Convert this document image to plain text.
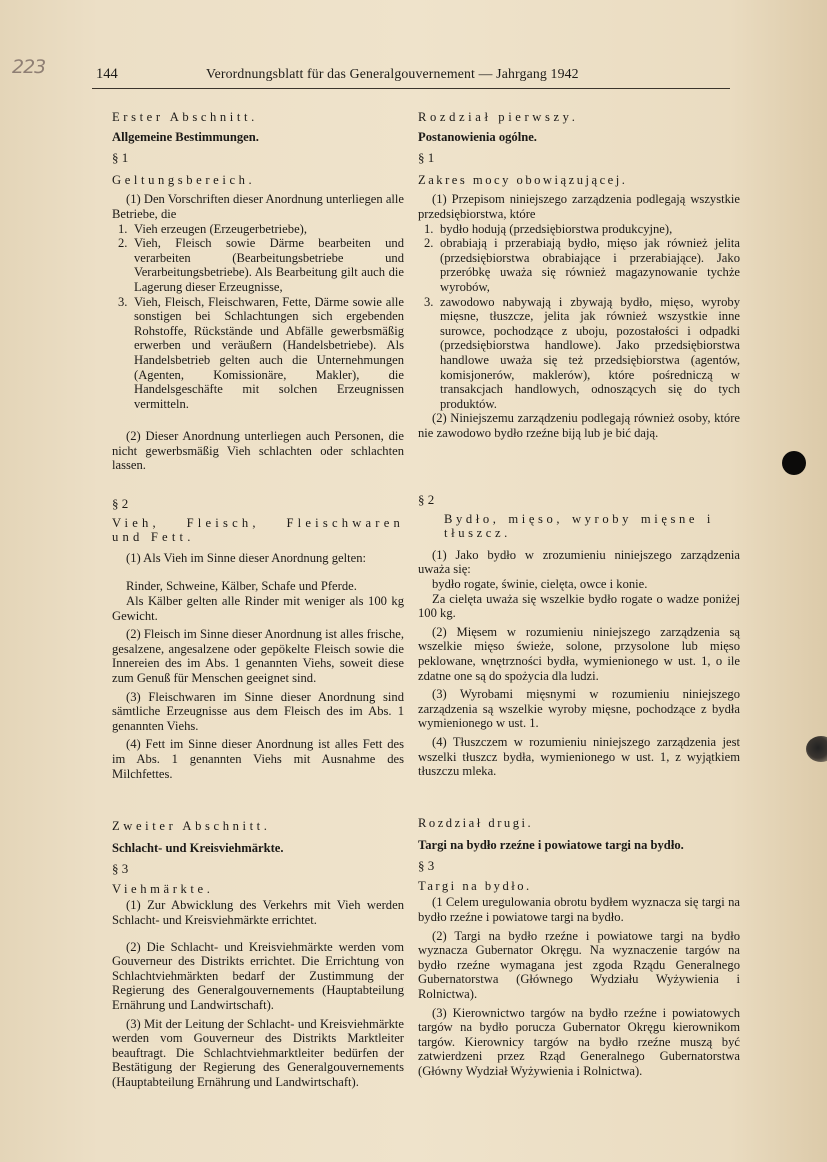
223	144	Verordnungsblatt für das Generalgouvernement — Jahrgang 1942

Erster Abschnitt.

Allgemeine Bestimmungen.

§ 1

Geltungsbereich.

(1) Den Vorschriften dieser Anordnung unterliegen alle Betriebe, die

1. Vieh erzeugen (Erzeugerbetriebe),
2. Vieh, Fleisch sowie Därme bearbeiten und verarbeiten (Bearbeitungsbetriebe und Verarbeitungsbetriebe). Als Bearbeitung gilt auch die Lagerung dieser Erzeugnisse,
3. Vieh, Fleisch, Fleischwaren, Fette, Därme sowie alle sonstigen bei Schlachtungen sich ergebenden Rohstoffe, Rückstände und Abfälle gewerbsmäßig erwerben und veräußern (Handelsbetriebe). Als Handelsbetrieb gelten auch die Unternehmungen (Agenten, Komissionäre, Makler), die Handelsgeschäfte mit solchen Erzeugnissen vermitteln.

(2) Dieser Anordnung unterliegen auch Personen, die nicht gewerbsmäßig Vieh schlachten oder schlachten lassen.

§ 2

Vieh, Fleisch, Fleischwaren und Fett.

(1) Als Vieh im Sinne dieser Anordnung gelten:

Rinder, Schweine, Kälber, Schafe und Pferde.

Als Kälber gelten alle Rinder mit weniger als 100 kg Gewicht.

(2) Fleisch im Sinne dieser Anordnung ist alles frische, gesalzene, angesalzene oder gepökelte Fleisch sowie die Innereien des im Abs. 1 genannten Viehs, soweit diese zum Genuß für Menschen geeignet sind.

(3) Fleischwaren im Sinne dieser Anordnung sind sämtliche Erzeugnisse aus dem Fleisch des im Abs. 1 genannten Viehs.

(4) Fett im Sinne dieser Anordnung ist alles Fett des im Abs. 1 genannten Viehs mit Ausnahme des Milchfettes.

Zweiter Abschnitt.

Schlacht- und Kreisviehmärkte.

§ 3

Viehmärkte.

(1) Zur Abwicklung des Verkehrs mit Vieh werden Schlacht- und Kreisviehmärkte errichtet.

(2) Die Schlacht- und Kreisviehmärkte werden vom Gouverneur des Distrikts errichtet. Die Errichtung von Schlachtviehmärkten bedarf der Zustimmung der Regierung des Generalgouvernements (Hauptabteilung Ernährung und Landwirtschaft).

(3) Mit der Leitung der Schlacht- und Kreisviehmärkte werden vom Gouverneur des Distrikts Marktleiter beauftragt. Die Schlachtviehmarktleiter bedürfen der Bestätigung der Regierung des Generalgouvernements (Hauptabteilung Ernährung und Landwirtschaft).

Rozdział pierwszy.

Postanowienia ogólne.

§ 1

Zakres mocy obowiązującej.

(1) Przepisom niniejszego zarządzenia podlegają wszystkie przedsiębiorstwa, które

1. bydło hodują (przedsiębiorstwa produkcyjne),
2. obrabiają i przerabiają bydło, mięso jak również jelita (przedsiębiorstwa obrabiające i przerabiające). Jako przeróbkę uważa się również magazynowanie tychże wyrobów,
3. zawodowo nabywają i zbywają bydło, mięso, wyroby mięsne, tłuszcze, jelita jak również wszystkie inne surowce, pochodzące z uboju, pozostałości i odpadki (przedsiębiorstwa handlowe). Jako przedsiębiorstwa handlowe uważa się też przedsiębiorstwa (agentów, komisjonerów, maklerów), które pośredniczą w transakcjach handlowych, odnoszących się do tych produktów.

(2) Niniejszemu zarządzeniu podlegają również osoby, które nie zawodowo bydło rzeźne biją lub je bić dają.

§ 2

Bydło, mięso, wyroby mięsne i tłuszcz.

(1) Jako bydło w zrozumieniu niniejszego zarządzenia uważa się:

bydło rogate, świnie, cielęta, owce i konie.

Za cielęta uważa się wszelkie bydło rogate o wadze poniżej 100 kg.

(2) Mięsem w rozumieniu niniejszego zarządzenia są wszelkie mięso świeże, solone, przysolone lub mięso peklowane, wnętrzności bydła, wymienionego w ust. 1, o ile zdatne one są do spożycia dla ludzi.

(3) Wyrobami mięsnymi w rozumieniu niniejszego zarządzenia są wszelkie wyroby mięsne, pochodzące z bydła wymienionego w ust. 1.

(4) Tłuszczem w rozumieniu niniejszego zarządzenia jest wszelki tłuszcz bydła, wymienionego w ust. 1, z wyjątkiem tłuszczu mleka.

Rozdział drugi.

Targi na bydło rzeźne i powiatowe targi na bydło.

§ 3

Targi na bydło.

(1 Celem uregulowania obrotu bydłem wyznacza się targi na bydło rzeźne i powiatowe targi na bydło.

(2) Targi na bydło rzeźne i powiatowe targi na bydło wyznacza Gubernator Okręgu. Na wyznaczenie targów na bydło rzeźne wymagana jest zgoda Rządu Generalnego Gubernatorstwa (Głównego Wydziału Wyżywienia i Rolnictwa).

(3) Kierownictwo targów na bydło rzeźne i powiatowych targów na bydło porucza Gubernator Okręgu kierownikom targów. Kierownicy targów na bydło rzeźne muszą być zatwierdzeni przez Rząd Generalnego Gubernatorstwa (Główny Wydział Wyżywienia i Rolnictwa).
